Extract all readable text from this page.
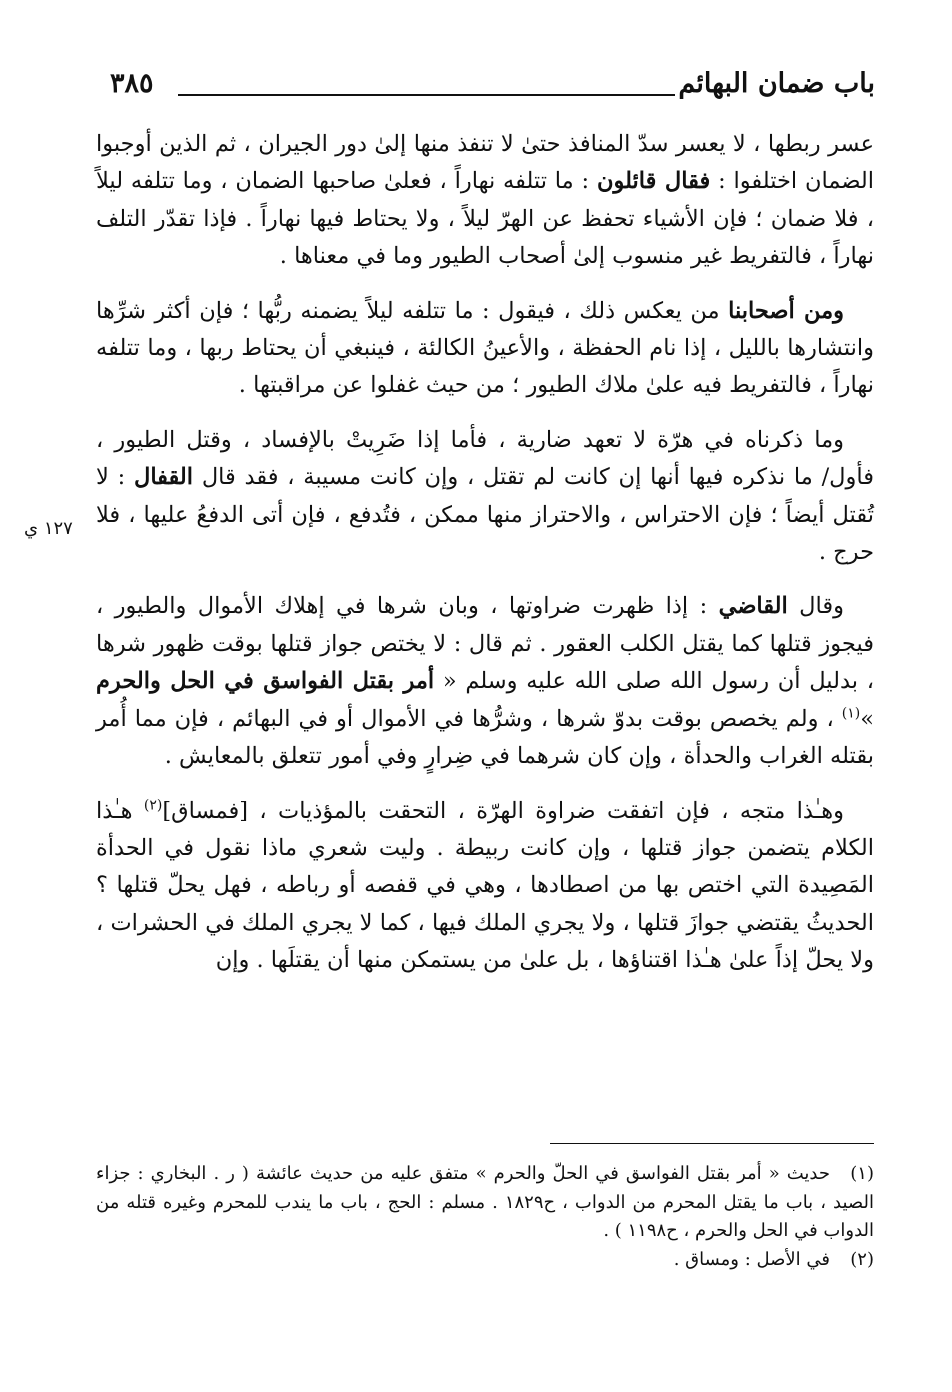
٣٨٥	باب ضمان البهائم
١٢٧ ي

عسر ربطها ، لا يعسر سدّ المنافذ حتىٰ لا تنفذ منها إلىٰ دور الجيران ، ثم الذين أوجبوا الضمان اختلفوا : فقال قائلون : ما تتلفه نهاراً ، فعلىٰ صاحبها الضمان ، وما تتلفه ليلاً ، فلا ضمان ؛ فإن الأشياء تحفظ عن الهرّ ليلاً ، ولا يحتاط فيها نهاراً . فإذا تقدّر التلف نهاراً ، فالتفريط غير منسوب إلىٰ أصحاب الطيور وما في معناها .

ومن أصحابنا من يعكس ذلك ، فيقول : ما تتلفه ليلاً يضمنه ربُّها ؛ فإن أكثر شرِّها وانتشارها بالليل ، إذا نام الحفظة ، والأعينُ الكالئة ، فينبغي أن يحتاط ربها ، وما تتلفه نهاراً ، فالتفريط فيه علىٰ ملاك الطيور ؛ من حيث غفلوا عن مراقبتها .

وما ذكرناه في هرّة لا تعهد ضارية ، فأما إذا ضَرِيتْ بالإفساد ، وقتل الطيور ، فأول/ ما نذكره فيها أنها إن كانت لم تقتل ، وإن كانت مسيبة ، فقد قال القفال : لا تُقتل أيضاً ؛ فإن الاحتراس ، والاحتراز منها ممكن ، فتُدفع ، فإن أتى الدفعُ عليها ، فلا حرج .

وقال القاضي : إذا ظهرت ضراوتها ، وبان شرها في إهلاك الأموال والطيور ، فيجوز قتلها كما يقتل الكلب العقور . ثم قال : لا يختص جواز قتلها بوقت ظهور شرها ، بدليل أن رسول الله صلى الله عليه وسلم « أمر بقتل الفواسق في الحل والحرم »$^{(١)}$ ، ولم يخصص بوقت بدوّ شرها ، وشرُّها في الأموال أو في البهائم ، فإن مما أُمر بقتله الغراب والحدأة ، وإن كان شرهما في ضِرارٍ وفي أمور تتعلق بالمعايش .

وهـٰذا متجه ، فإن اتفقت ضراوة الهرّة ، التحقت بالمؤذيات ، [فمساق]$^{(٢)}$ هـٰذا الكلام يتضمن جواز قتلها ، وإن كانت ربيطة . وليت شعري ماذا نقول في الحدأة المَصِيدة التي اختص بها من اصطادها ، وهي في قفصه أو رباطه ، فهل يحلّ قتلها ؟ الحديثُ يقتضي جوازَ قتلها ، ولا يجري الملك فيها ، كما لا يجري الملك في الحشرات ، ولا يحلّ إذاً علىٰ هـٰذا اقتناؤها ، بل علىٰ من يستمكن منها أن يقتلَها . وإن

(١)حديث « أمر بقتل الفواسق في الحلّ والحرم » متفق عليه من حديث عائشة ( ر . البخاري : جزاء الصيد ، باب ما يقتل المحرم من الدواب ، ح١٨٢٩ . مسلم : الحج ، باب ما يندب للمحرم وغيره قتله من الدواب في الحل والحرم ، ح١١٩٨ ) .

(٢)في الأصل : ومساق .
